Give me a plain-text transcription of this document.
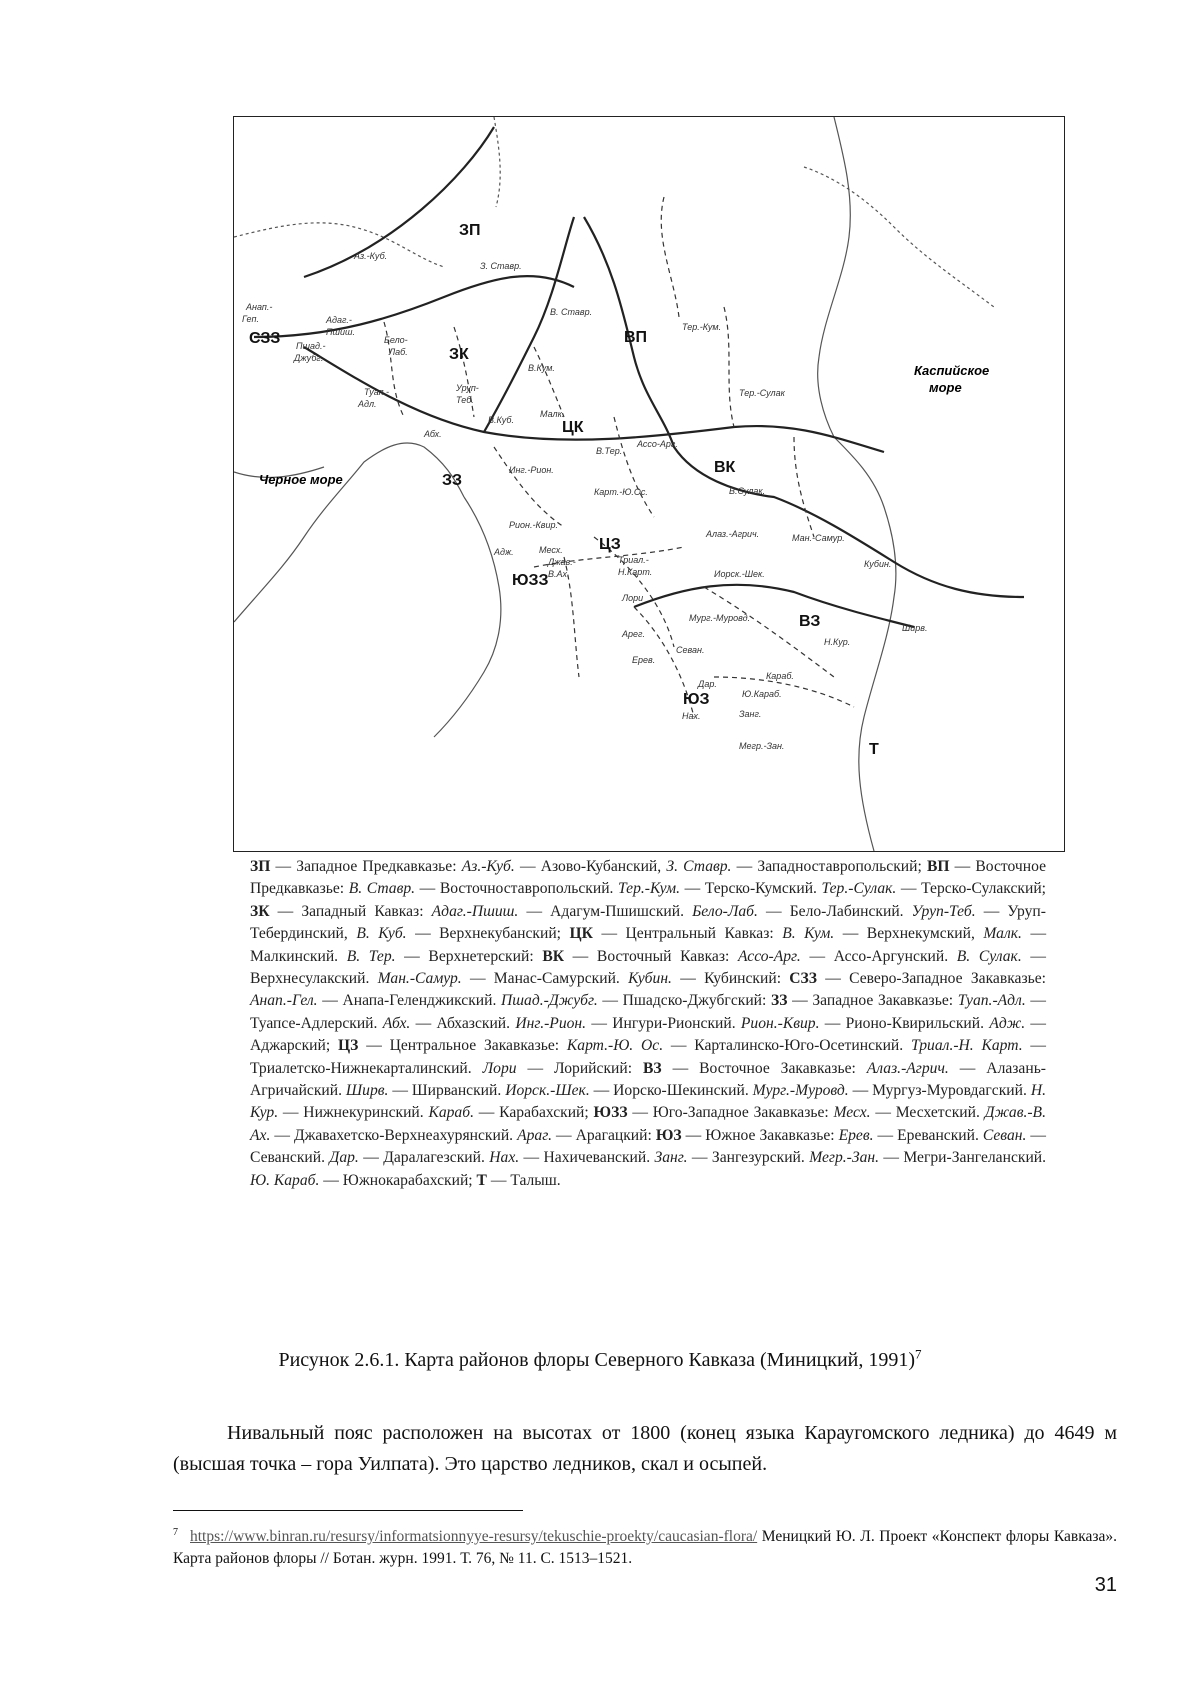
Каспийское
море
Черное море
ЗП
ВП
ЗК
ЦК
ВК
СЗЗ
ЗЗ
ЦЗ
ЮЗЗ
ВЗ
ЮЗ
Т
Аз.-Куб.
З. Ставр.
В. Ставр.
Тер.-Кум.
Анап.-
Геп.
Пшад.-
Джубг.
Адаг.-
Пшиш.
Бело-
Лаб.
В.Кум.
Туап.-
Адл.
Уруп-
Теб.
В.Куб.
Малк.
Тер.-Сулак
Абх.
В.Тер.
Ассо-Арг.
Инг.-Рион.
Карт.-Ю.Ос.	В.Сулак.
Рион.-Квир.
Алаз.-Агрич.	Ман.-Самур.
Адж.	Месх.
Джав.-
В.Ах.
Триал.-
Н.Карт.	Иорск.-Шек.
Кубин.
Лори
Мург.-Муровд.
Арег.
Ширв.
Н.Кур.
Ерев.
Севан.
Караб.
Дар.
Ю.Караб.
Нах.	Занг.
Мегр.-Зан.

ЗП — Западное Предкавказье: Аз.-Куб. — Азово-Кубанский, З. Ставр. — Западноставропольский; ВП — Восточное Предкавказье: В. Ставр. — Восточноставропольский. Тер.-Кум. — Терско-Кумский. Тер.-Сулак. — Терско-Сулакский; ЗК — Западный Кавказ: Адаг.-Пшиш. — Адагум-Пшишский. Бело-Лаб. — Бело-Лабинский. Уруп-Теб. — Уруп-Тебердинский, В. Куб. — Верхнекубанский; ЦК — Центральный Кавказ: В. Кум. — Верхнекумский, Малк. — Малкинский. В. Тер. — Верхнетерский: ВК — Восточный Кавказ: Ассо-Арг. — Ассо-Аргунский. В. Сулак. — Верхнесулакский. Ман.-Самур. — Манас-Самурский. Кубин. — Кубинский: СЗЗ — Северо-Западное Закавказье: Анап.-Гел. — Анапа-Геленджикский. Пшад.-Джубг. — Пшадско-Джубгский: ЗЗ — Западное Закавказье: Туап.-Адл. — Туапсе-Адлерский. Абх. — Абхазский. Инг.-Рион. — Ингури-Рионский. Рион.-Квир. — Рионо-Квирильский. Адж. — Аджарский; ЦЗ — Центральное Закавказье: Карт.-Ю. Ос. — Карталинско-Юго-Осетинский. Триал.-Н. Карт. — Триалетско-Нижнекарталинский. Лори — Лорийский: ВЗ — Восточное Закавказье: Алаз.-Агрич. — Алазань-Агричайский. Ширв. — Ширванский. Иорск.-Шек. — Иорско-Шекинский. Мург.-Муровд. — Мургуз-Муровдагский. Н. Кур. — Нижнекуринский. Караб. — Карабахский; ЮЗЗ — Юго-Западное Закавказье: Месх. — Месхетский. Джав.-В. Ах. — Джавахетско-Верхнеахурянский. Араг. — Арагацкий: ЮЗ — Южное Закавказье: Ерев. — Ереванский. Севан. — Севанский. Дар. — Даралагезский. Нах. — Нахичеванский. Занг. — Зангезурский. Мегр.-Зан. — Мегри-Зангеланский. Ю. Караб. — Южнокарабахский; Т — Талыш.

Рисунок 2.6.1. Карта районов флоры Северного Кавказа (Миницкий, 1991)$^7$

Нивальный пояс расположен на высотах от 1800 (конец языка Караугомского ледника) до 4649 м (высшая точка – гора Уилпата). Это царство ледников, скал и осыпей.

$^7$ https://www.binran.ru/resursy/informatsionnyye-resursy/tekuschie-proekty/caucasian-flora/ Меницкий Ю. Л. Проект «Конспект флоры Кавказа». Карта районов флоры // Ботан. журн. 1991. Т. 76, № 11. С. 1513–1521.

31
